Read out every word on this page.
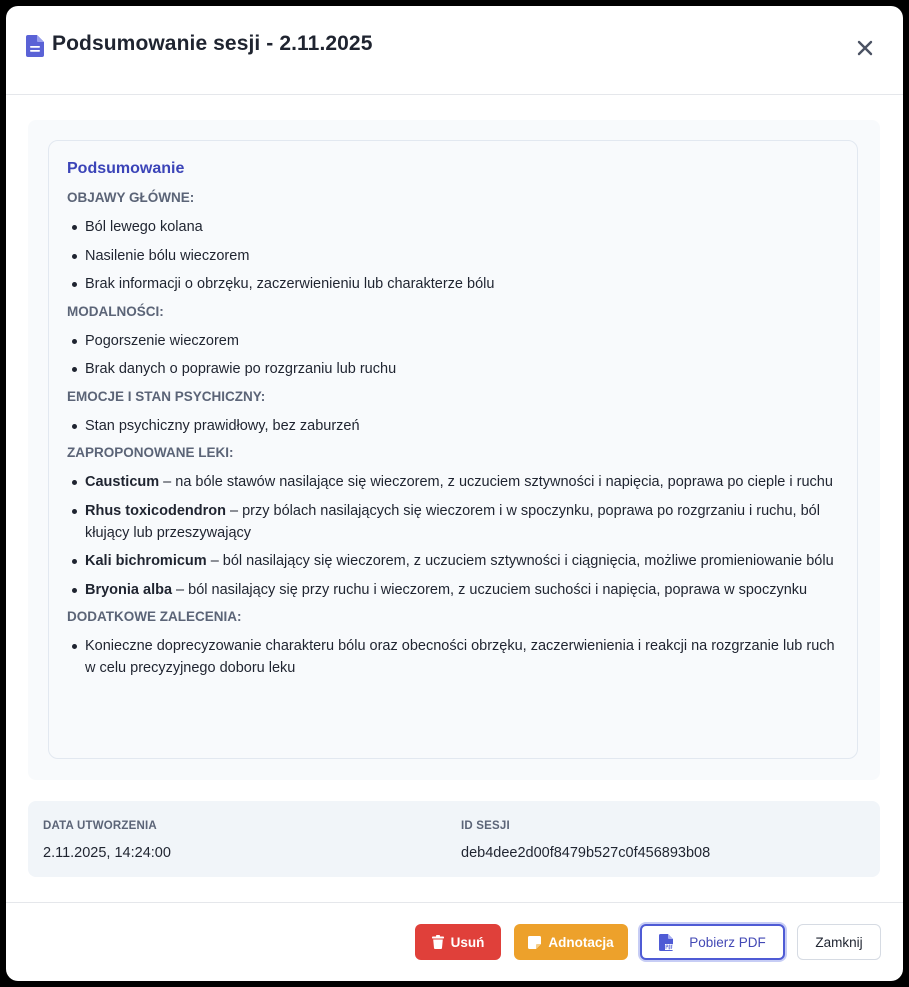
Podsumowanie sesji - 2.11.2025
Podsumowanie
OBJAWY GŁÓWNE:
Ból lewego kolana
Nasilenie bólu wieczorem
Brak informacji o obrzęku, zaczerwienieniu lub charakterze bólu
MODALNOŚCI:
Pogorszenie wieczorem
Brak danych o poprawie po rozgrzaniu lub ruchu
EMOCJE I STAN PSYCHICZNY:
Stan psychiczny prawidłowy, bez zaburzeń
ZAPROPONOWANE LEKI:
Causticum – na bóle stawów nasilające się wieczorem, z uczuciem sztywności i napięcia, poprawa po cieple i ruchu
Rhus toxicodendron – przy bólach nasilających się wieczorem i w spoczynku, poprawa po rozgrzaniu i ruchu, ból kłujący lub przeszywający
Kali bichromicum – ból nasilający się wieczorem, z uczuciem sztywności i ciągnięcia, możliwe promieniowanie bólu
Bryonia alba – ból nasilający się przy ruchu i wieczorem, z uczuciem suchości i napięcia, poprawa w spoczynku
DODATKOWE ZALECENIA:
Konieczne doprecyzowanie charakteru bólu oraz obecności obrzęku, zaczerwienienia i reakcji na rozgrzanie lub ruch w celu precyzyjnego doboru leku
DATA UTWORZENIA
2.11.2025, 14:24:00
ID SESJI
deb4dee2d00f8479b527c0f456893b08
Usuń	Adnotacja	Pobierz PDF	Zamknij
